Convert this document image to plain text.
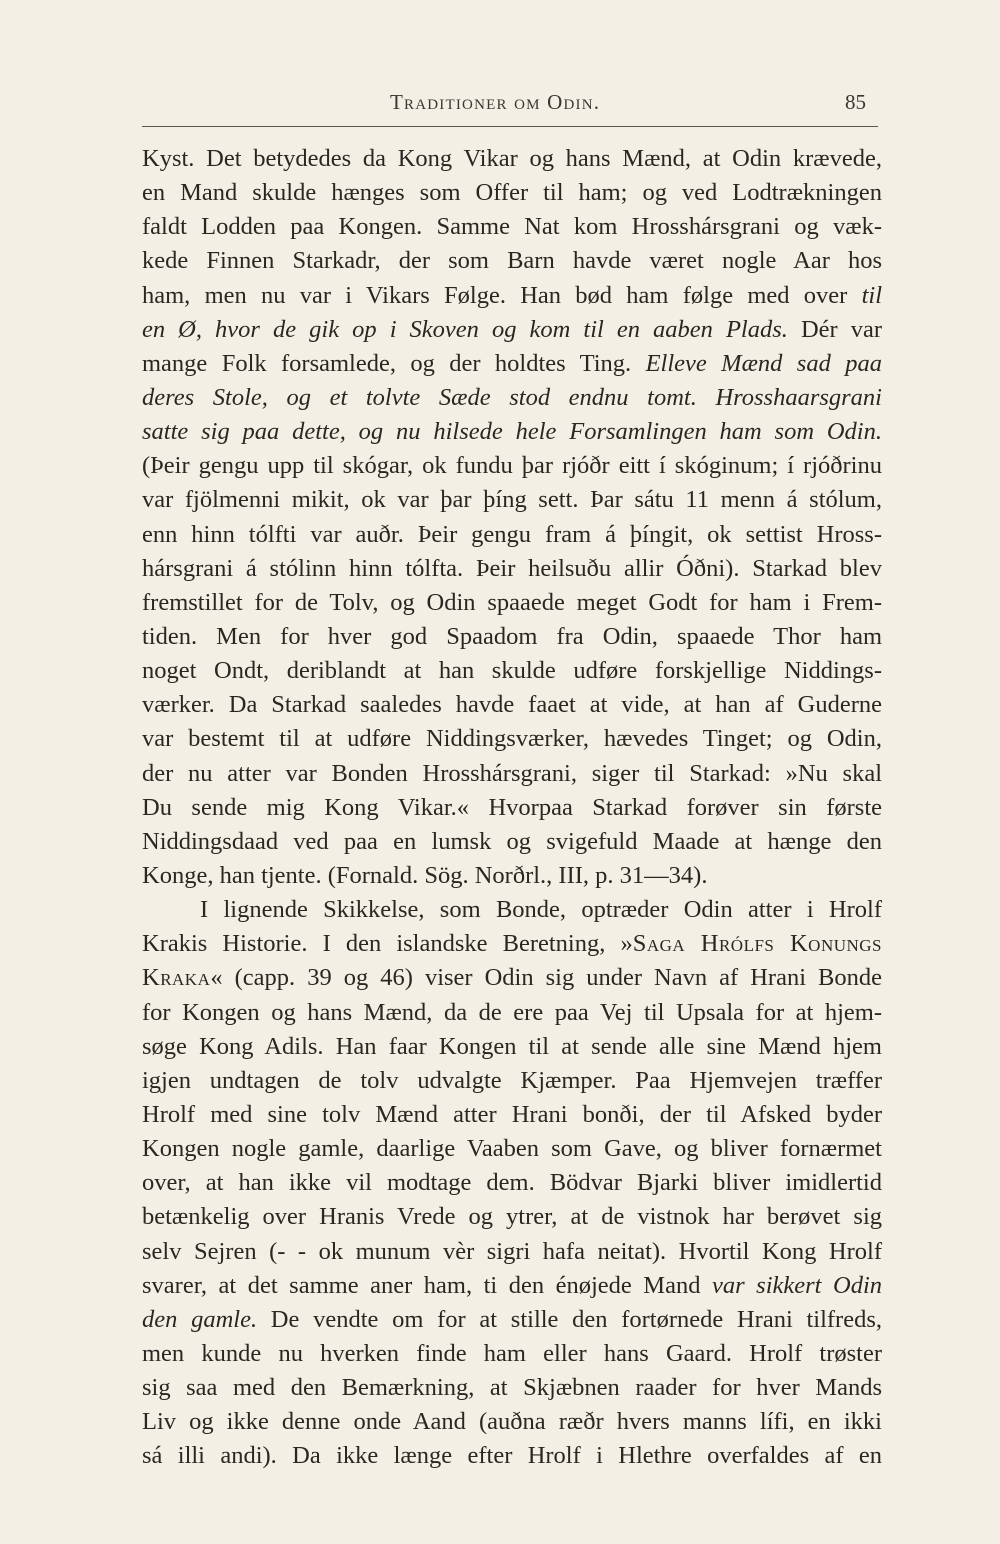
Traditioner om Odin.	85
Kyst. Det betydedes da Kong Vikar og hans Mænd, at Odin krævede,
en Mand skulde hænges som Offer til ham; og ved Lodtrækningen
faldt Lodden paa Kongen. Samme Nat kom Hrosshársgrani og væk-
kede Finnen Starkadr, der som Barn havde været nogle Aar hos
ham, men nu var i Vikars Følge. Han bød ham følge med over til
en Ø, hvor de gik op i Skoven og kom til en aaben Plads. Dér var
mange Folk forsamlede, og der holdtes Ting. Elleve Mænd sad paa
deres Stole, og et tolvte Sæde stod endnu tomt. Hrosshaarsgrani
satte sig paa dette, og nu hilsede hele Forsamlingen ham som Odin.
(Þeir gengu upp til skógar, ok fundu þar rjóðr eitt í skóginum; í rjóðrinu
var fjölmenni mikit, ok var þar þíng sett. Þar sátu 11 menn á stólum,
enn hinn tólfti var auðr. Þeir gengu fram á þíngit, ok settist Hross-
hársgrani á stólinn hinn tólfta. Þeir heilsuðu allir Óðni). Starkad blev
fremstillet for de Tolv, og Odin spaaede meget Godt for ham i Frem-
tiden. Men for hver god Spaadom fra Odin, spaaede Thor ham
noget Ondt, deriblandt at han skulde udføre forskjellige Niddings-
værker. Da Starkad saaledes havde faaet at vide, at han af Guderne
var bestemt til at udføre Niddingsværker, hævedes Tinget; og Odin,
der nu atter var Bonden Hrosshársgrani, siger til Starkad: »Nu skal
Du sende mig Kong Vikar.« Hvorpaa Starkad forøver sin første
Niddingsdaad ved paa en lumsk og svigefuld Maade at hænge den
Konge, han tjente. (Fornald. Sög. Norðrl., III, p. 31—34).
I lignende Skikkelse, som Bonde, optræder Odin atter i Hrolf
Krakis Historie. I den islandske Beretning, »Saga Hrólfs Konungs
Kraka« (capp. 39 og 46) viser Odin sig under Navn af Hrani Bonde
for Kongen og hans Mænd, da de ere paa Vej til Upsala for at hjem-
søge Kong Adils. Han faar Kongen til at sende alle sine Mænd hjem
igjen undtagen de tolv udvalgte Kjæmper. Paa Hjemvejen træffer
Hrolf med sine tolv Mænd atter Hrani bonði, der til Afsked byder
Kongen nogle gamle, daarlige Vaaben som Gave, og bliver fornærmet
over, at han ikke vil modtage dem. Bödvar Bjarki bliver imidlertid
betænkelig over Hranis Vrede og ytrer, at de vistnok har berøvet sig
selv Sejren (- - ok munum vèr sigri hafa neitat). Hvortil Kong Hrolf
svarer, at det samme aner ham, ti den énøjede Mand var sikkert Odin
den gamle. De vendte om for at stille den fortørnede Hrani tilfreds,
men kunde nu hverken finde ham eller hans Gaard. Hrolf trøster
sig saa med den Bemærkning, at Skjæbnen raader for hver Mands
Liv og ikke denne onde Aand (auðna ræðr hvers manns lífi, en ikki
sá illi andi). Da ikke længe efter Hrolf i Hlethre overfaldes af en
